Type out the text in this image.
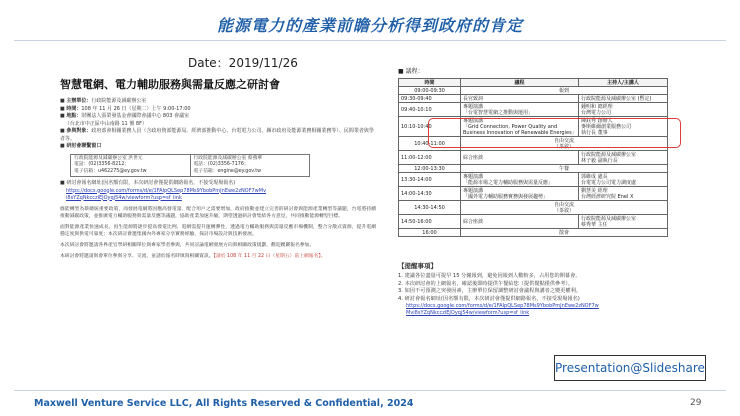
能源電力的產業前瞻分析得到政府的肯定
Date：2019/11/26
智慧電網、電力輔助服務與需量反應之研討會
■ 主辦單位：行政院能源及減碳辦公室
■ 時間：108 年 11 月 26 日（星期二）上午 9:00-17:00
■ 地點：財團法人張榮發基金會國際會議中心 803 會議室
（台北市中正區中山南路 11 號 8F）
■ 參與對象：政府部會相關業務人員（含政府資部能源局、經濟部推動中心、台電電力公司、縣市政府及能源業務相關業務等）、民間業者與學者等。
■ 研討會聯繫窗口
行政院能源及減碳辦公室 洪世元
電話：(02)3356-8212；
電子信箱：u462275@ey.gov.tw
行政院能源及減碳辦公室 蔡燕華
電話：(02)3356-7176；
電子信箱：engine@ey.gov.tw
■ 研討會報名網址(因名額有限，本次研討會僅提供網路報名，不接受現場報名)
https://docs.google.com/forms/d/e/1FAIpQLSep78Ms9YbobPmJnEwe2zNOF7wMv
i8sYZqNkcczlEJOyqj54w/viewform?usp=sf_link
綠能轉型為蔡總統重要政策，而發展電網將因應高發電量、配合用戶之需要增加，政府推動並建立完善的研討會與能源產業轉型等議題，台電將持續推動減碳政策，並推廣電力輔助服務與需量反應等議題，協助產業加速升級，期望透過研討會集結各方意見，共同推動能源轉型目標。
面對能源產業快速成長，再生能源將逐步提高發電比例，電網需提升運轉彈性，透過電力輔助服務與需量反應市場機制，整合分散式資源，提升電網穩定度與供電可靠度；本次研討會邀集國內外專家分享實務經驗，探討市場設計與技術發展。
本次研討會將邀請各界產官學研相關單位與專家學者參與，共同討論電網發展方向與相關政策規劃，歡迎踴躍報名參加。
本研討會將邀請與會單位參與分享、交流，並請於報名時填寫相關資訊。【請於 108 年 11 月 22 日（星期五）前上網報名】。
■ 議程：
時間	議程	主持人/主講人
09:00-09:30	報到	
09:30-09:40	長官致詞	行政院能源及減碳辦公室 (暫定)
09:40-10:10	專題演講
「台電智慧電網之推動與運用」	鍾明和 總經理
台灣電力公司
10:10-10:40	專題演講
「Grid Connection, Power Quality and Business Innovation of Renewable Energies」	陳鈺秀 創辦人
麥斯維爾創業服務公司
執行長 董事
10:40-11:00	自由交流
（茶敘）	
11:00-12:00	綜合座談	行政院能源及減碳辦公室
林子毅 副執行長
12:00-13:30	午餐	
13:30-14:00	專題演講
「能源市場之電力輔助服務與需量反應」	郭維成 處長
台電電力公司電力調度處
14:00-14:30	專題演講
「國外電力輔助服務實務與發展趨勢」	劉慧美 經理
台灣經濟研究院 Enel X
14:30-14:50	自由交流
（茶敘）	
14:50-16:00	綜合座談	行政院能源及減碳辦公室
蔡秀華 主任
16:00	散會	
【提醒事項】
1. 建議各位盡量可提早 15 分鐘報到，避免因報到人數較多，占用您的開幕會。
2. 本次研討會的上網報名，確認後即時提供午餐給您（提供餐點僅供參考）。
3. 如因不可預測之突發因素，主辦單位保留調整研討會議程與講者之變更權利。
4. 研討會報名網址(因名額有限，本次研討會僅提供網路報名，不接受現場報名)
https://docs.google.com/forms/d/e/1FAIpQLSep78Ms9YbobPmJnEwe2zNOF7w
Mvi8sYZqNkcczlEJOyqj54w/viewform?usp=sf_link
Presentation@Slideshare
Maxwell Venture Service LLC, All Rights Reserved & Confidential, 2024	29
